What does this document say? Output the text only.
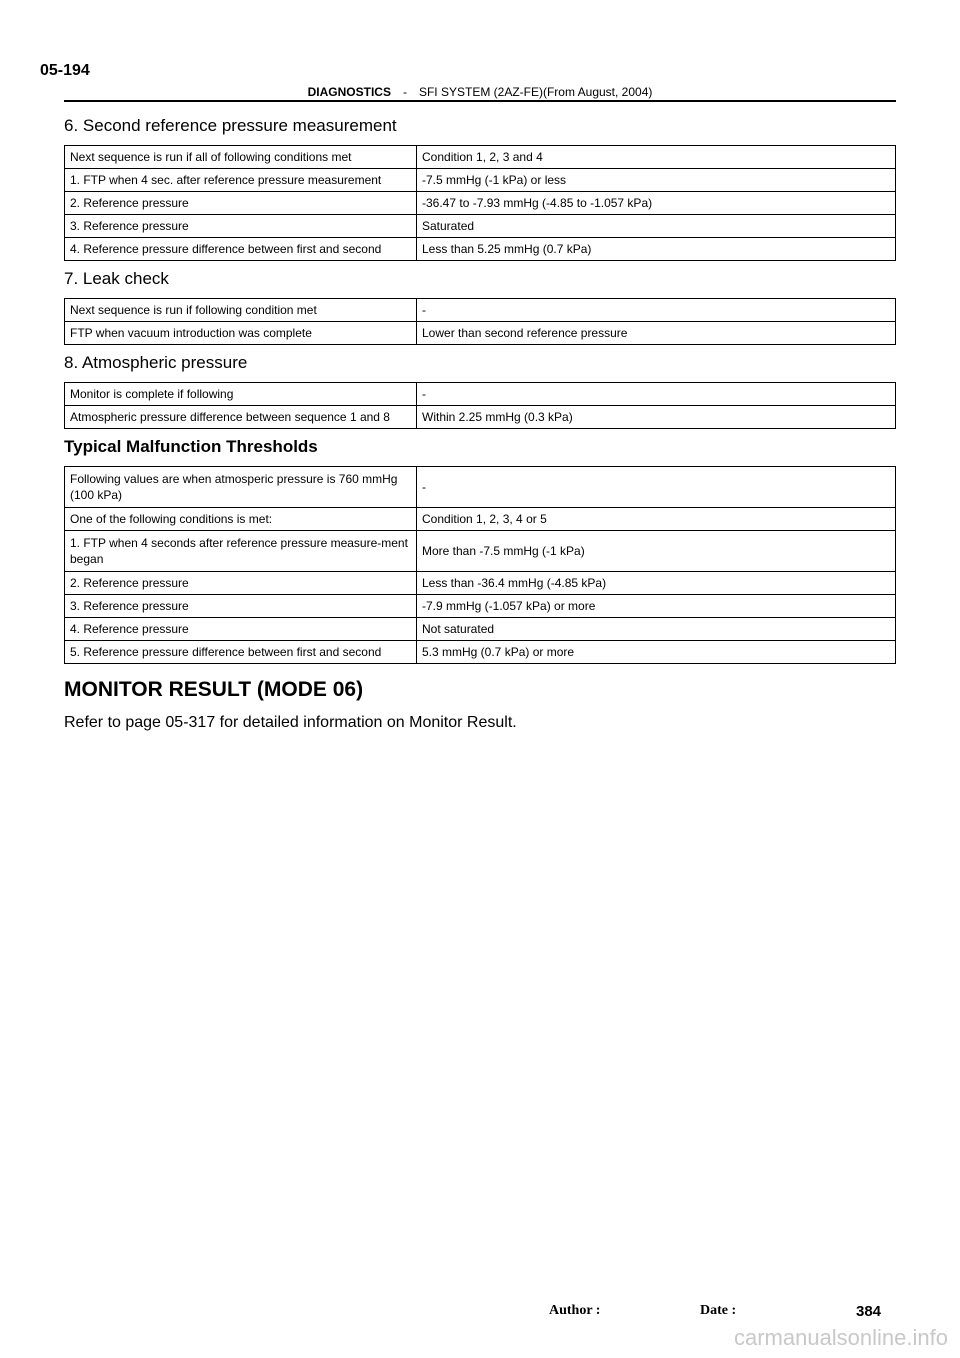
05-194
DIAGNOSTICS - SFI SYSTEM (2AZ-FE)(From August, 2004)
6. Second reference pressure measurement
Next sequence is run if all of following conditions met	Condition 1, 2, 3 and 4
1. FTP when 4 sec. after reference pressure measurement	-7.5 mmHg (-1 kPa) or less
2. Reference pressure	-36.47 to -7.93 mmHg (-4.85 to -1.057 kPa)
3. Reference pressure	Saturated
4. Reference pressure difference between first and second	Less than 5.25 mmHg (0.7 kPa)
7. Leak check
Next sequence is run if following condition met	-
FTP when vacuum introduction was complete	Lower than second reference pressure
8. Atmospheric pressure
Monitor is complete if following	-
Atmospheric pressure difference between sequence 1 and 8	Within 2.25 mmHg (0.3 kPa)
Typical Malfunction Thresholds
Following values are when atmosperic pressure is 760 mmHg (100 kPa)	-
One of the following conditions is met:	Condition 1, 2, 3, 4 or 5
1. FTP when 4 seconds after reference pressure measure-ment began	More than -7.5 mmHg (-1 kPa)
2. Reference pressure	Less than -36.4 mmHg (-4.85 kPa)
3. Reference pressure	-7.9 mmHg (-1.057 kPa) or more
4. Reference pressure	Not saturated
5. Reference pressure difference between first and second	5.3 mmHg (0.7 kPa) or more
MONITOR RESULT (MODE 06)
Refer to page 05-317 for detailed information on Monitor Result.
Author :	Date :	384
carmanualsonline.info
